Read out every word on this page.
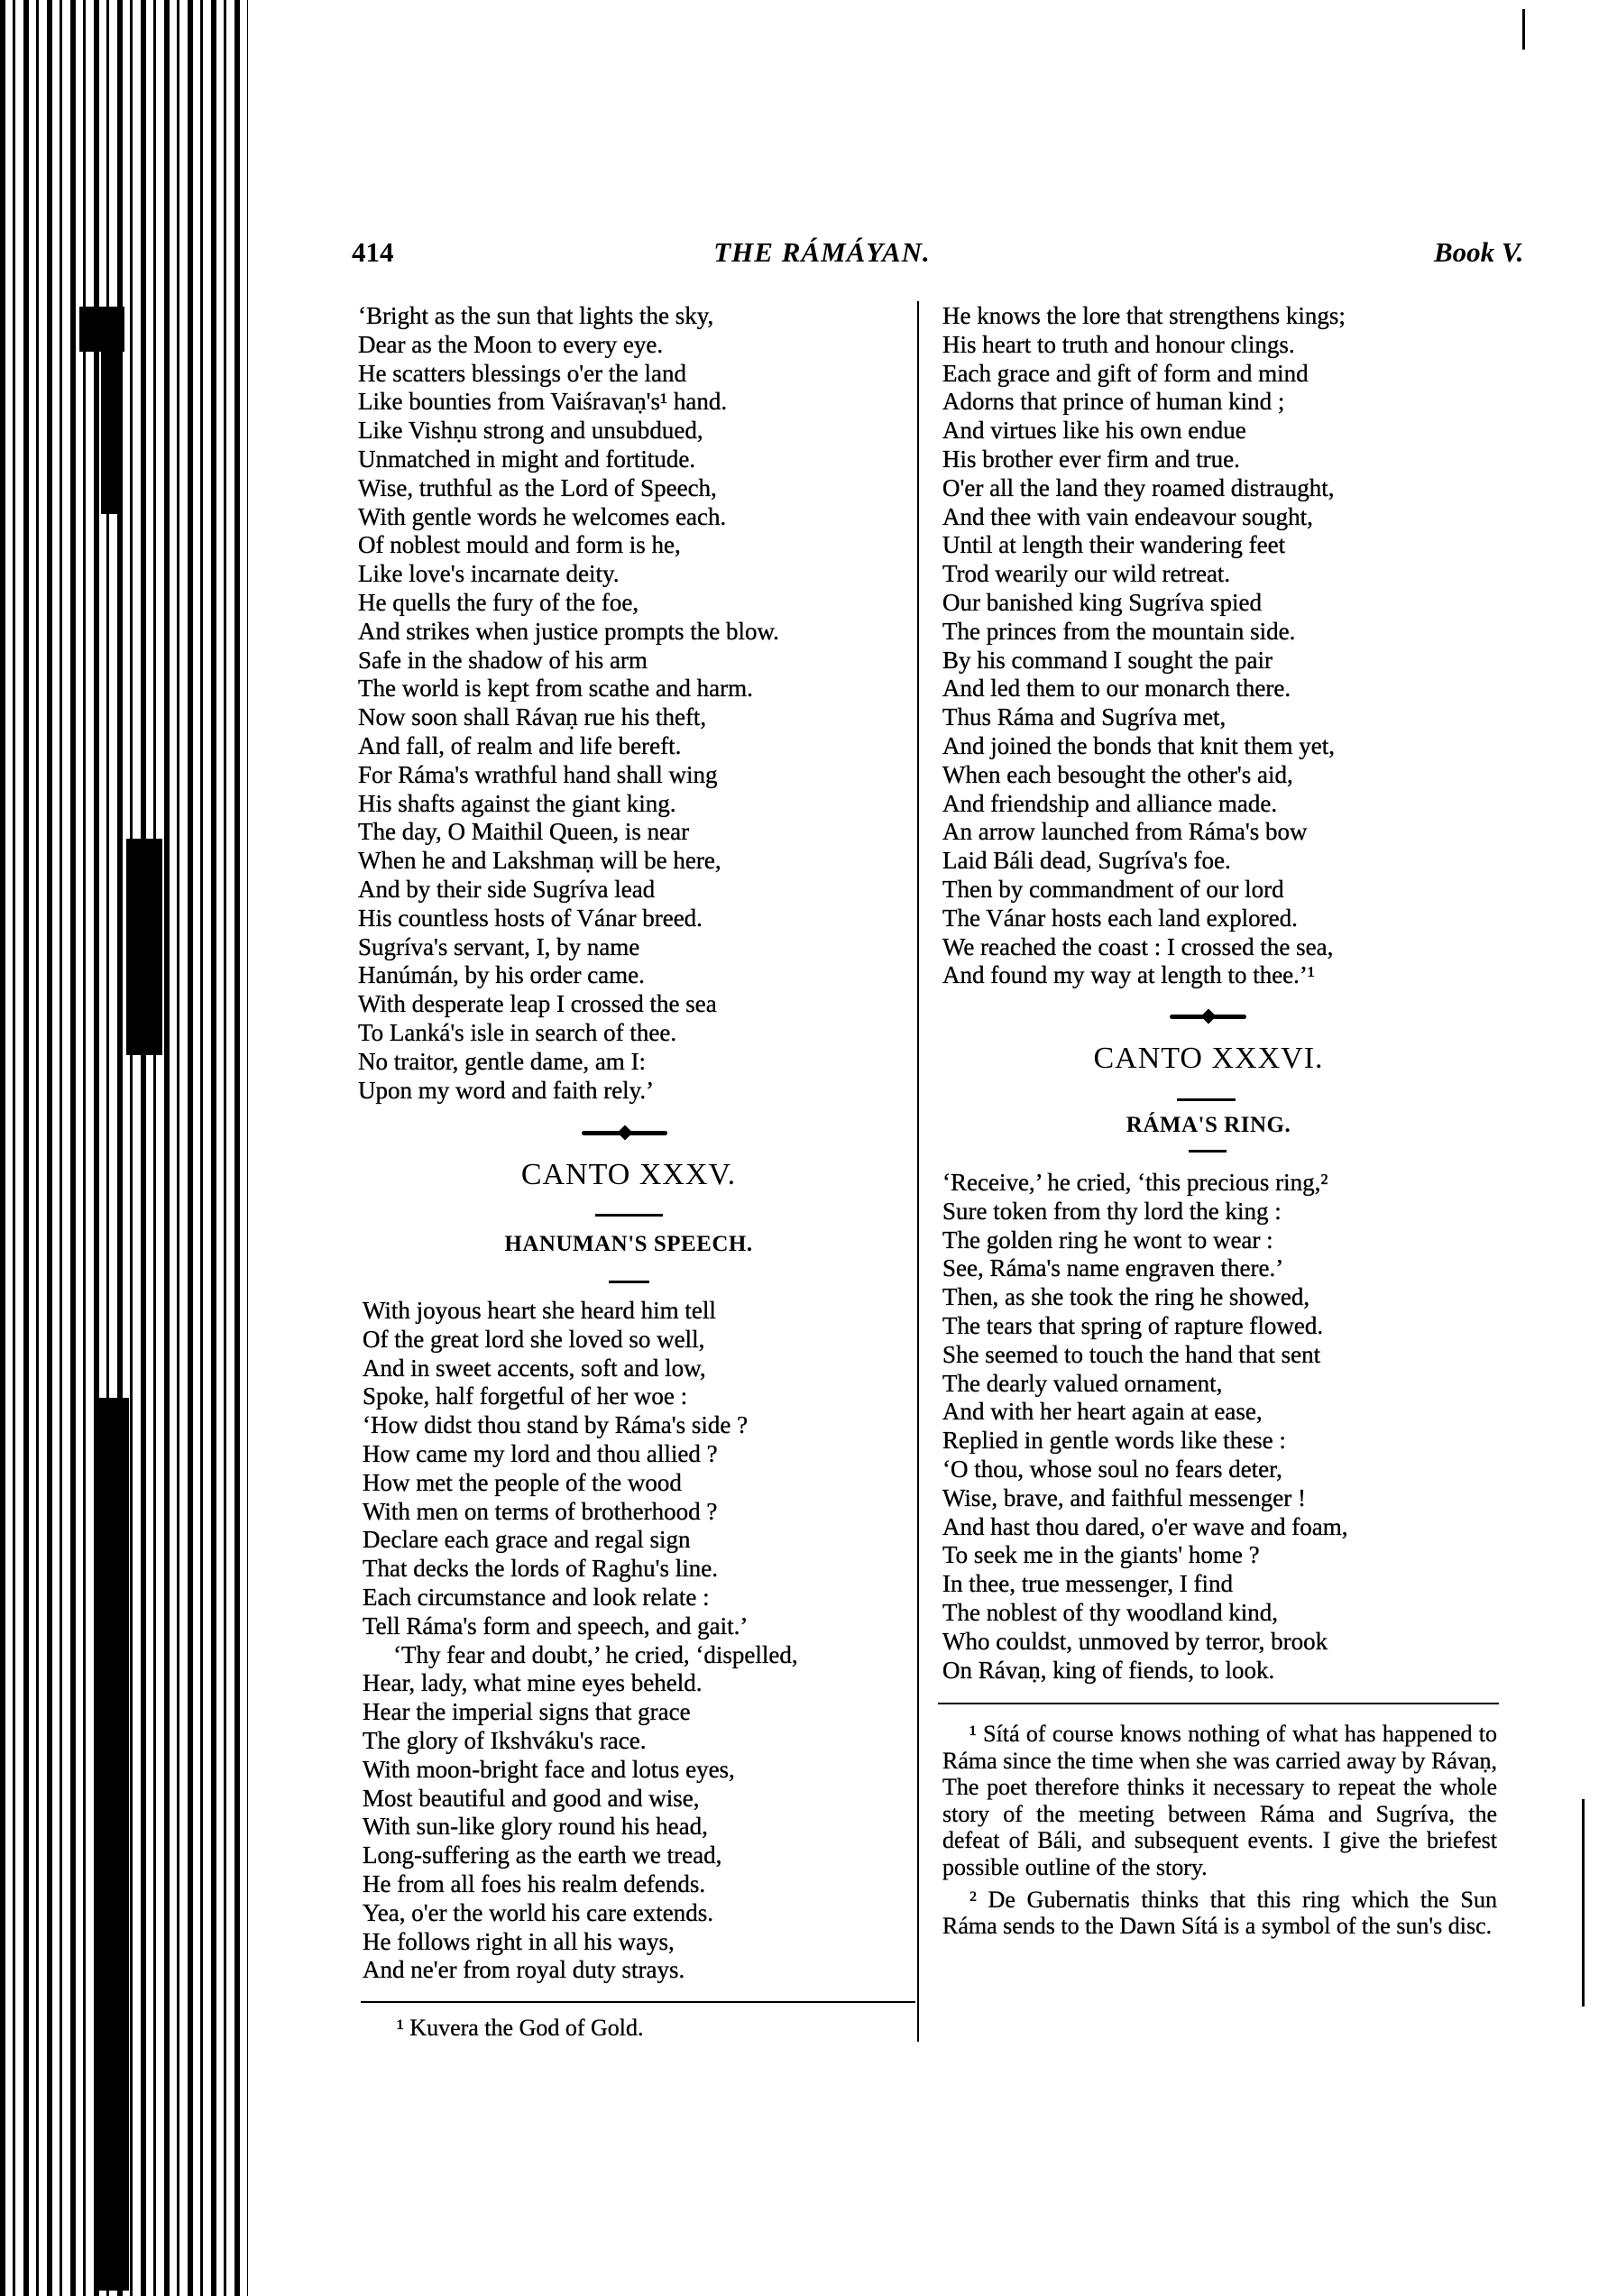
414	THE RÁMÁYAN.	Book V.
‘Bright as the sun that lights the sky,
Dear as the Moon to every eye.
He scatters blessings o'er the land
Like bounties from Vaiśravaṇ's¹ hand.
Like Vishṇu strong and unsubdued,
Unmatched in might and fortitude.
Wise, truthful as the Lord of Speech,
With gentle words he welcomes each.
Of noblest mould and form is he,
Like love's incarnate deity.
He quells the fury of the foe,
And strikes when justice prompts the blow.
Safe in the shadow of his arm
The world is kept from scathe and harm.
Now soon shall Rávaṇ rue his theft,
And fall, of realm and life bereft.
For Ráma's wrathful hand shall wing
His shafts against the giant king.
The day, O Maithil Queen, is near
When he and Lakshmaṇ will be here,
And by their side Sugríva lead
His countless hosts of Vánar breed.
Sugríva's servant, I, by name
Hanúmán, by his order came.
With desperate leap I crossed the sea
To Lanká's isle in search of thee.
No traitor, gentle dame, am I:
Upon my word and faith rely.’
CANTO XXXV.
HANUMAN'S SPEECH.
With joyous heart she heard him tell
Of the great lord she loved so well,
And in sweet accents, soft and low,
Spoke, half forgetful of her woe :
‘How didst thou stand by Ráma's side ?
How came my lord and thou allied ?
How met the people of the wood
With men on terms of brotherhood ?
Declare each grace and regal sign
That decks the lords of Raghu's line.
Each circumstance and look relate :
Tell Ráma's form and speech, and gait.’
‘Thy fear and doubt,’ he cried, ‘dispelled,
Hear, lady, what mine eyes beheld.
Hear the imperial signs that grace
The glory of Ikshváku's race.
With moon-bright face and lotus eyes,
Most beautiful and good and wise,
With sun-like glory round his head,
Long-suffering as the earth we tread,
He from all foes his realm defends.
Yea, o'er the world his care extends.
He follows right in all his ways,
And ne'er from royal duty strays.
¹ Kuvera the God of Gold.
He knows the lore that strengthens kings;
His heart to truth and honour clings.
Each grace and gift of form and mind
Adorns that prince of human kind ;
And virtues like his own endue
His brother ever firm and true.
O'er all the land they roamed distraught,
And thee with vain endeavour sought,
Until at length their wandering feet
Trod wearily our wild retreat.
Our banished king Sugríva spied
The princes from the mountain side.
By his command I sought the pair
And led them to our monarch there.
Thus Ráma and Sugríva met,
And joined the bonds that knit them yet,
When each besought the other's aid,
And friendship and alliance made.
An arrow launched from Ráma's bow
Laid Báli dead, Sugríva's foe.
Then by commandment of our lord
The Vánar hosts each land explored.
We reached the coast : I crossed the sea,
And found my way at length to thee.’¹
CANTO XXXVI.
RÁMA'S RING.
‘Receive,’ he cried, ‘this precious ring,²
Sure token from thy lord the king :
The golden ring he wont to wear :
See, Ráma's name engraven there.’
Then, as she took the ring he showed,
The tears that spring of rapture flowed.
She seemed to touch the hand that sent
The dearly valued ornament,
And with her heart again at ease,
Replied in gentle words like these :
‘O thou, whose soul no fears deter,
Wise, brave, and faithful messenger !
And hast thou dared, o'er wave and foam,
To seek me in the giants' home ?
In thee, true messenger, I find
The noblest of thy woodland kind,
Who couldst, unmoved by terror, brook
On Rávaṇ, king of fiends, to look.

¹ Sítá of course knows nothing of what has happened to Ráma since the time when she was carried away by Rávaṇ, The poet therefore thinks it necessary to repeat the whole story of the meeting between Ráma and Sugríva, the defeat of Báli, and subsequent events. I give the briefest possible outline of the story.

² De Gubernatis thinks that this ring which the Sun Ráma sends to the Dawn Sítá is a symbol of the sun's disc.
